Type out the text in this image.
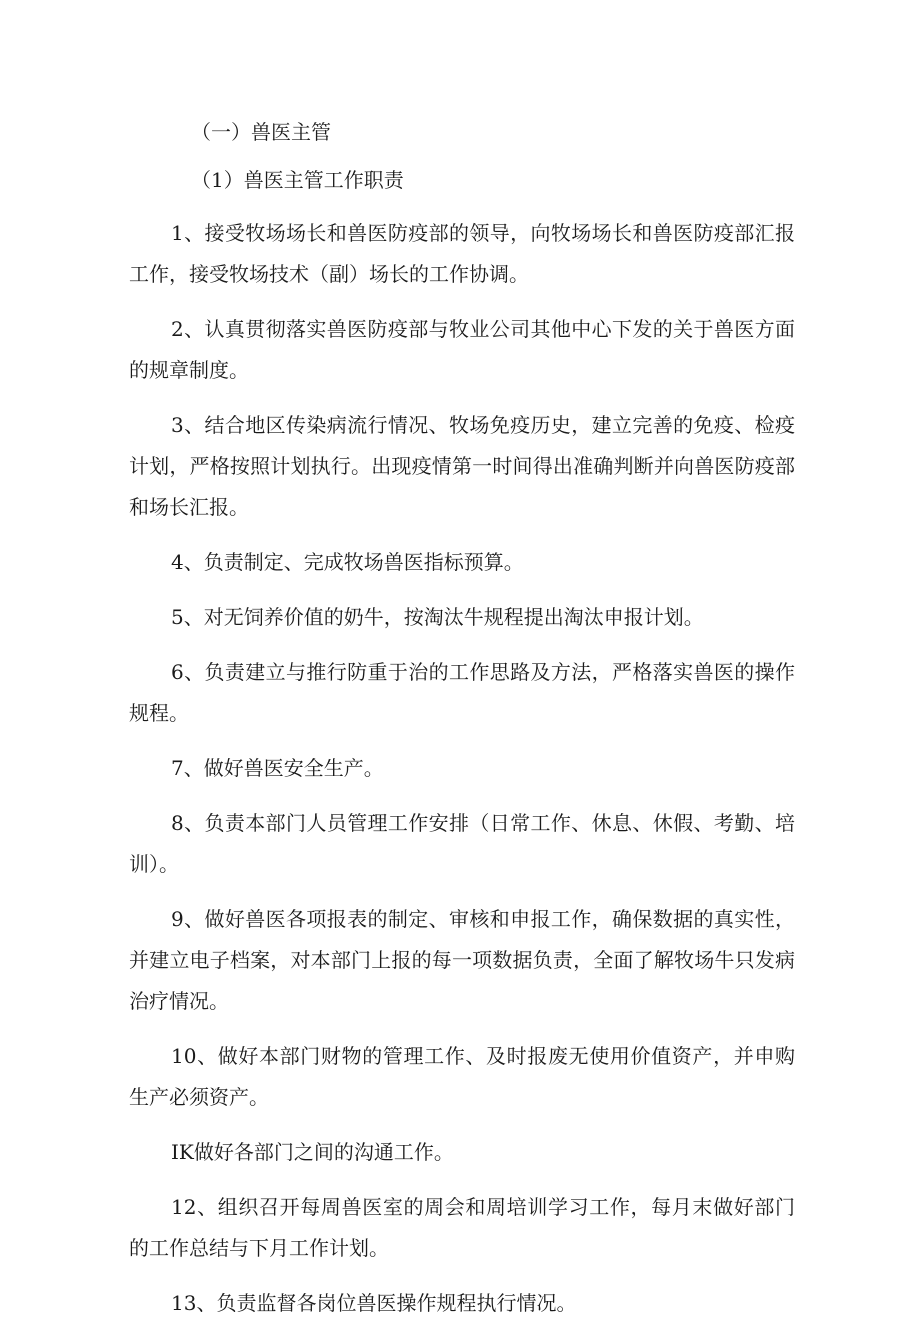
（一）兽医主管
（1）兽医主管工作职责

1、接受牧场场长和兽医防疫部的领导，向牧场场长和兽医防疫部汇报工作，接受牧场技术（副）场长的工作协调。

2、认真贯彻落实兽医防疫部与牧业公司其他中心下发的关于兽医方面的规章制度。

3、结合地区传染病流行情况、牧场免疫历史，建立完善的免疫、检疫计划，严格按照计划执行。出现疫情第一时间得出准确判断并向兽医防疫部和场长汇报。

4、负责制定、完成牧场兽医指标预算。

5、对无饲养价值的奶牛，按淘汰牛规程提出淘汰申报计划。

6、负责建立与推行防重于治的工作思路及方法，严格落实兽医的操作规程。

7、做好兽医安全生产。

8、负责本部门人员管理工作安排（日常工作、休息、休假、考勤、培训）。

9、做好兽医各项报表的制定、审核和申报工作，确保数据的真实性，并建立电子档案，对本部门上报的每一项数据负责，全面了解牧场牛只发病治疗情况。

10、做好本部门财物的管理工作、及时报废无使用价值资产，并申购生产必须资产。

IK做好各部门之间的沟通工作。

12、组织召开每周兽医室的周会和周培训学习工作，每月末做好部门的工作总结与下月工作计划。

13、负责监督各岗位兽医操作规程执行情况。
